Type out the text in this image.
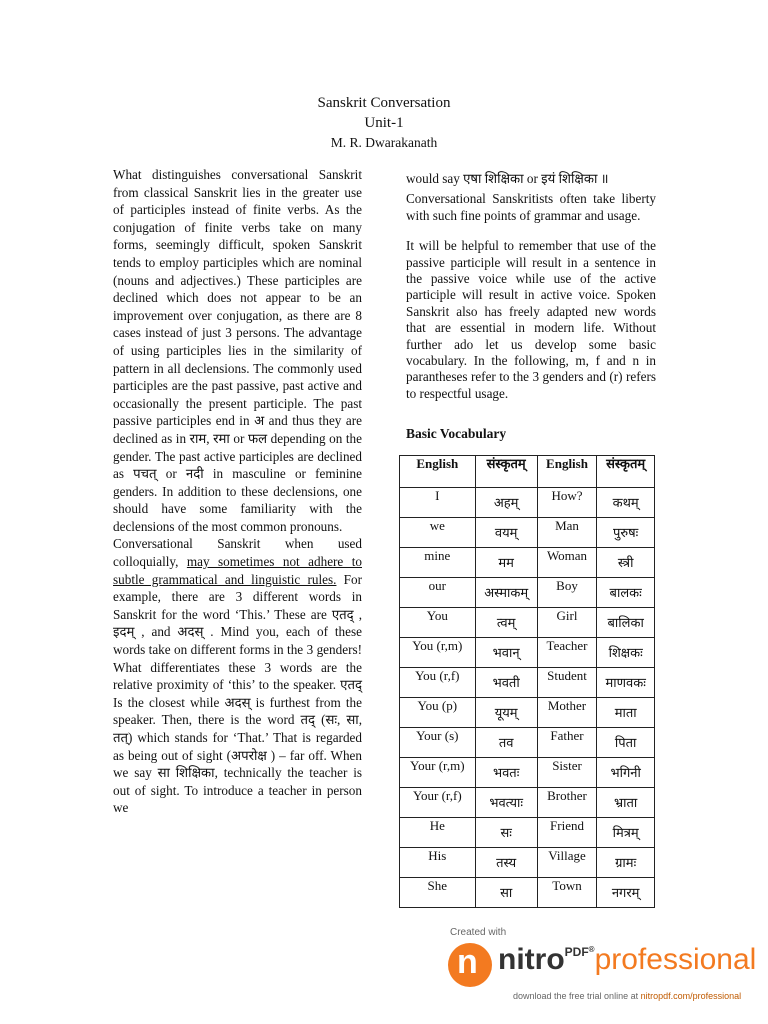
Sanskrit Conversation
Unit-1
M. R. Dwarakanath

What distinguishes conversational Sanskrit from classical Sanskrit lies in the greater use of participles instead of finite verbs. As the conjugation of finite verbs take on many forms, seemingly difficult, spoken Sanskrit tends to employ participles which are nominal (nouns and adjectives.) These participles are declined which does not appear to be an improvement over conjugation, as there are 8 cases instead of just 3 persons. The advantage of using participles lies in the similarity of pattern in all declensions. The commonly used participles are the past passive, past active and occasionally the present participle. The past passive participles end in अ and thus they are declined as in राम, रमा or फल depending on the gender. The past active participles are declined as पचत् or नदी in masculine or feminine genders. In addition to these declensions, one should have some familiarity with the declensions of the most common pronouns.

Conversational Sanskrit when used colloquially, may sometimes not adhere to subtle grammatical and linguistic rules. For example, there are 3 different words in Sanskrit for the word ‘This.’ These are एतद् , इदम् , and अदस् . Mind you, each of these words take on different forms in the 3 genders! What differentiates these 3 words are the relative proximity of ‘this’ to the speaker. एतद् Is the closest while अदस् is furthest from the speaker. Then, there is the word तद् (सः, सा, तत्) which stands for ‘That.’ That is regarded as being out of sight (अपरोक्ष ) – far off. When we say सा शिक्षिका, technically the teacher is out of sight. To introduce a teacher in person we

would say एषा शिक्षिका or इयं शिक्षिका ॥

Conversational Sanskritists often take liberty with such fine points of grammar and usage.

It will be helpful to remember that use of the passive participle will result in a sentence in the passive voice while use of the active participle will result in active voice. Spoken Sanskrit also has freely adapted new words that are essential in modern life. Without further ado let us develop some basic vocabulary. In the following, m, f and n in parantheses refer to the 3 genders and (r) refers to respectful usage.

Basic Vocabulary
English	संस्कृतम्	English	संस्कृतम्
I	अहम्	How?	कथम्
we	वयम्	Man	पुरुषः
mine	मम	Woman	स्त्री
our	अस्माकम्	Boy	बालकः
You	त्वम्	Girl	बालिका
You (r,m)	भवान्	Teacher	शिक्षकः
You (r,f)	भवती	Student	माणवकः
You (p)	यूयम्	Mother	माता
Your (s)	तव	Father	पिता
Your (r,m)	भवतः	Sister	भगिनी
Your (r,f)	भवत्याः	Brother	भ्राता
He	सः	Friend	मित्रम्
His	तस्य	Village	ग्रामः
She	सा	Town	नगरम्
Created with
n nitro$^{PDF®}$professional
download the free trial online at nitropdf.com/professional
